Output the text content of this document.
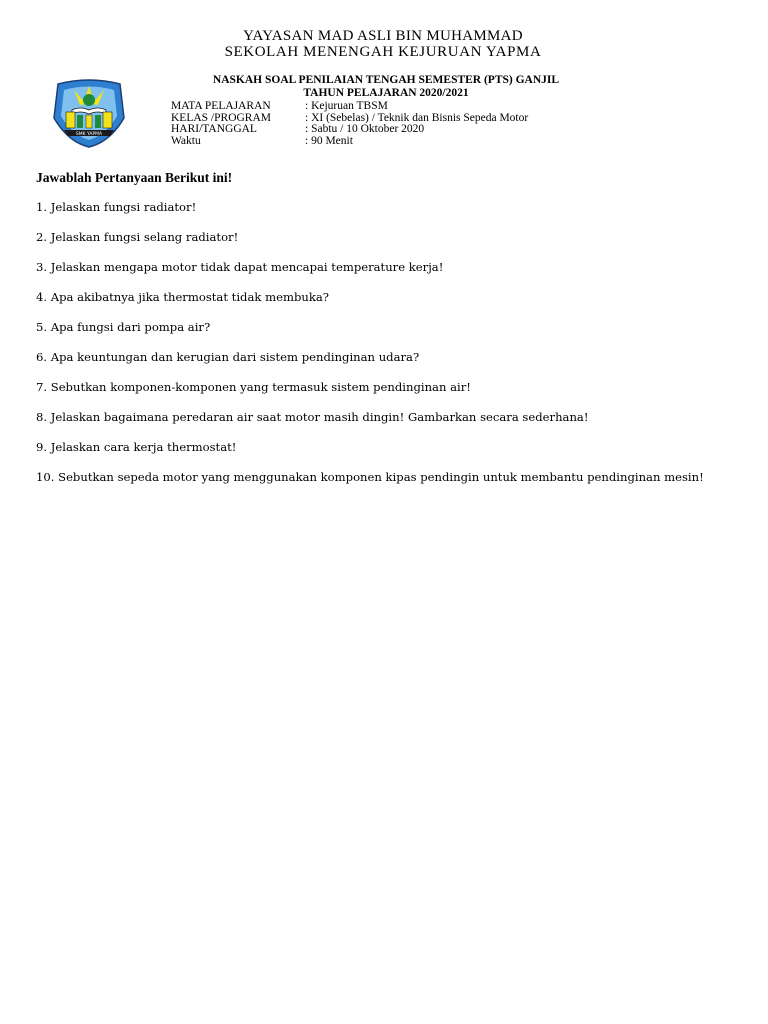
YAYASAN MAD ASLI BIN MUHAMMAD
SEKOLAH MENENGAH KEJURUAN YAPMA
NASKAH SOAL PENILAIAN TENGAH SEMESTER (PTS) GANJIL
TAHUN PELAJARAN 2020/2021
SMK YAPMA
MATA PELAJARAN	: Kejuruan TBSM
KELAS /PROGRAM	: XI (Sebelas) / Teknik dan Bisnis Sepeda Motor
HARI/TANGGAL	: Sabtu / 10 Oktober 2020
Waktu	: 90 Menit
Jawablah Pertanyaan Berikut ini!
1. Jelaskan fungsi radiator!
2. Jelaskan fungsi selang radiator!
3. Jelaskan mengapa motor tidak dapat mencapai temperature kerja!
4. Apa akibatnya jika thermostat tidak membuka?
5. Apa fungsi dari pompa air?
6. Apa keuntungan dan kerugian dari sistem pendinginan udara?
7. Sebutkan komponen-komponen yang termasuk sistem pendinginan air!
8. Jelaskan bagaimana peredaran air saat motor masih dingin! Gambarkan secara sederhana!
9. Jelaskan cara kerja thermostat!
10. Sebutkan sepeda motor yang menggunakan komponen kipas pendingin untuk membantu pendinginan mesin!
